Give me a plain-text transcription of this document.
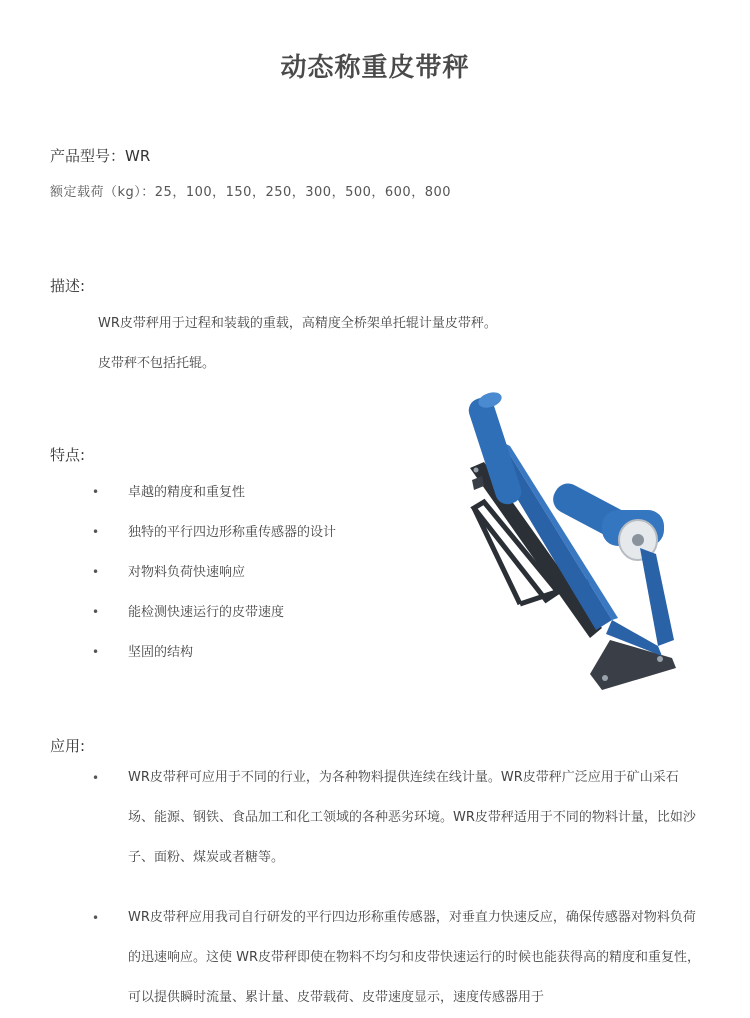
动态称重皮带秤
产品型号：WR
额定载荷（kg）：25，100，150，250，300，500，600，800
描述:
WR皮带秤用于过程和装载的重载，高精度全桥架单托辊计量皮带秤。
皮带秤不包括托辊。
特点:
• 卓越的精度和重复性
• 独特的平行四边形称重传感器的设计
• 对物料负荷快速响应
• 能检测快速运行的皮带速度
• 坚固的结构
应用:
• WR皮带秤可应用于不同的行业，为各种物料提供连续在线计量。WR皮带秤广泛应用于矿山采石场、能源、钢铁、食品加工和化工领域的各种恶劣环境。WR皮带秤适用于不同的物料计量，比如沙子、面粉、煤炭或者糖等。
• WR皮带秤应用我司自行研发的平行四边形称重传感器，对垂直力快速反应，确保传感器对物料负荷的迅速响应。这使 WR皮带秤即使在物料不均匀和皮带快速运行的时候也能获得高的精度和重复性，可以提供瞬时流量、累计量、皮带载荷、皮带速度显示，速度传感器用于
